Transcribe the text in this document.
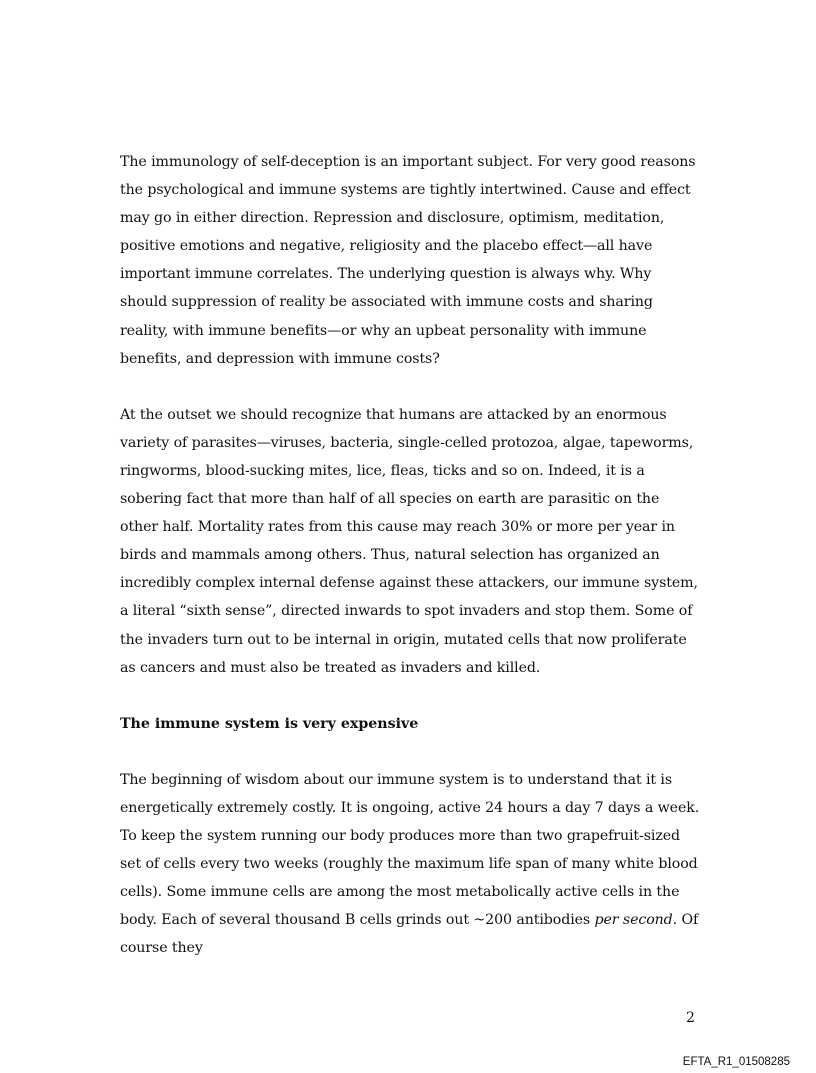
The immunology of self-deception is an important subject. For very good reasons the psychological and immune systems are tightly intertwined. Cause and effect may go in either direction. Repression and disclosure, optimism, meditation, positive emotions and negative, religiosity and the placebo effect—all have important immune correlates. The underlying question is always why. Why should suppression of reality be associated with immune costs and sharing reality, with immune benefits—or why an upbeat personality with immune benefits, and depression with immune costs?

At the outset we should recognize that humans are attacked by an enormous variety of parasites—viruses, bacteria, single-celled protozoa, algae, tapeworms, ringworms, blood-sucking mites, lice, fleas, ticks and so on. Indeed, it is a sobering fact that more than half of all species on earth are parasitic on the other half. Mortality rates from this cause may reach 30% or more per year in birds and mammals among others. Thus, natural selection has organized an incredibly complex internal defense against these attackers, our immune system, a literal “sixth sense”, directed inwards to spot invaders and stop them. Some of the invaders turn out to be internal in origin, mutated cells that now proliferate as cancers and must also be treated as invaders and killed.

The immune system is very expensive

The beginning of wisdom about our immune system is to understand that it is energetically extremely costly. It is ongoing, active 24 hours a day 7 days a week. To keep the system running our body produces more than two grapefruit-sized set of cells every two weeks (roughly the maximum life span of many white blood cells). Some immune cells are among the most metabolically active cells in the body. Each of several thousand B cells grinds out ~200 antibodies per second. Of course they

2
EFTA_R1_01508285
